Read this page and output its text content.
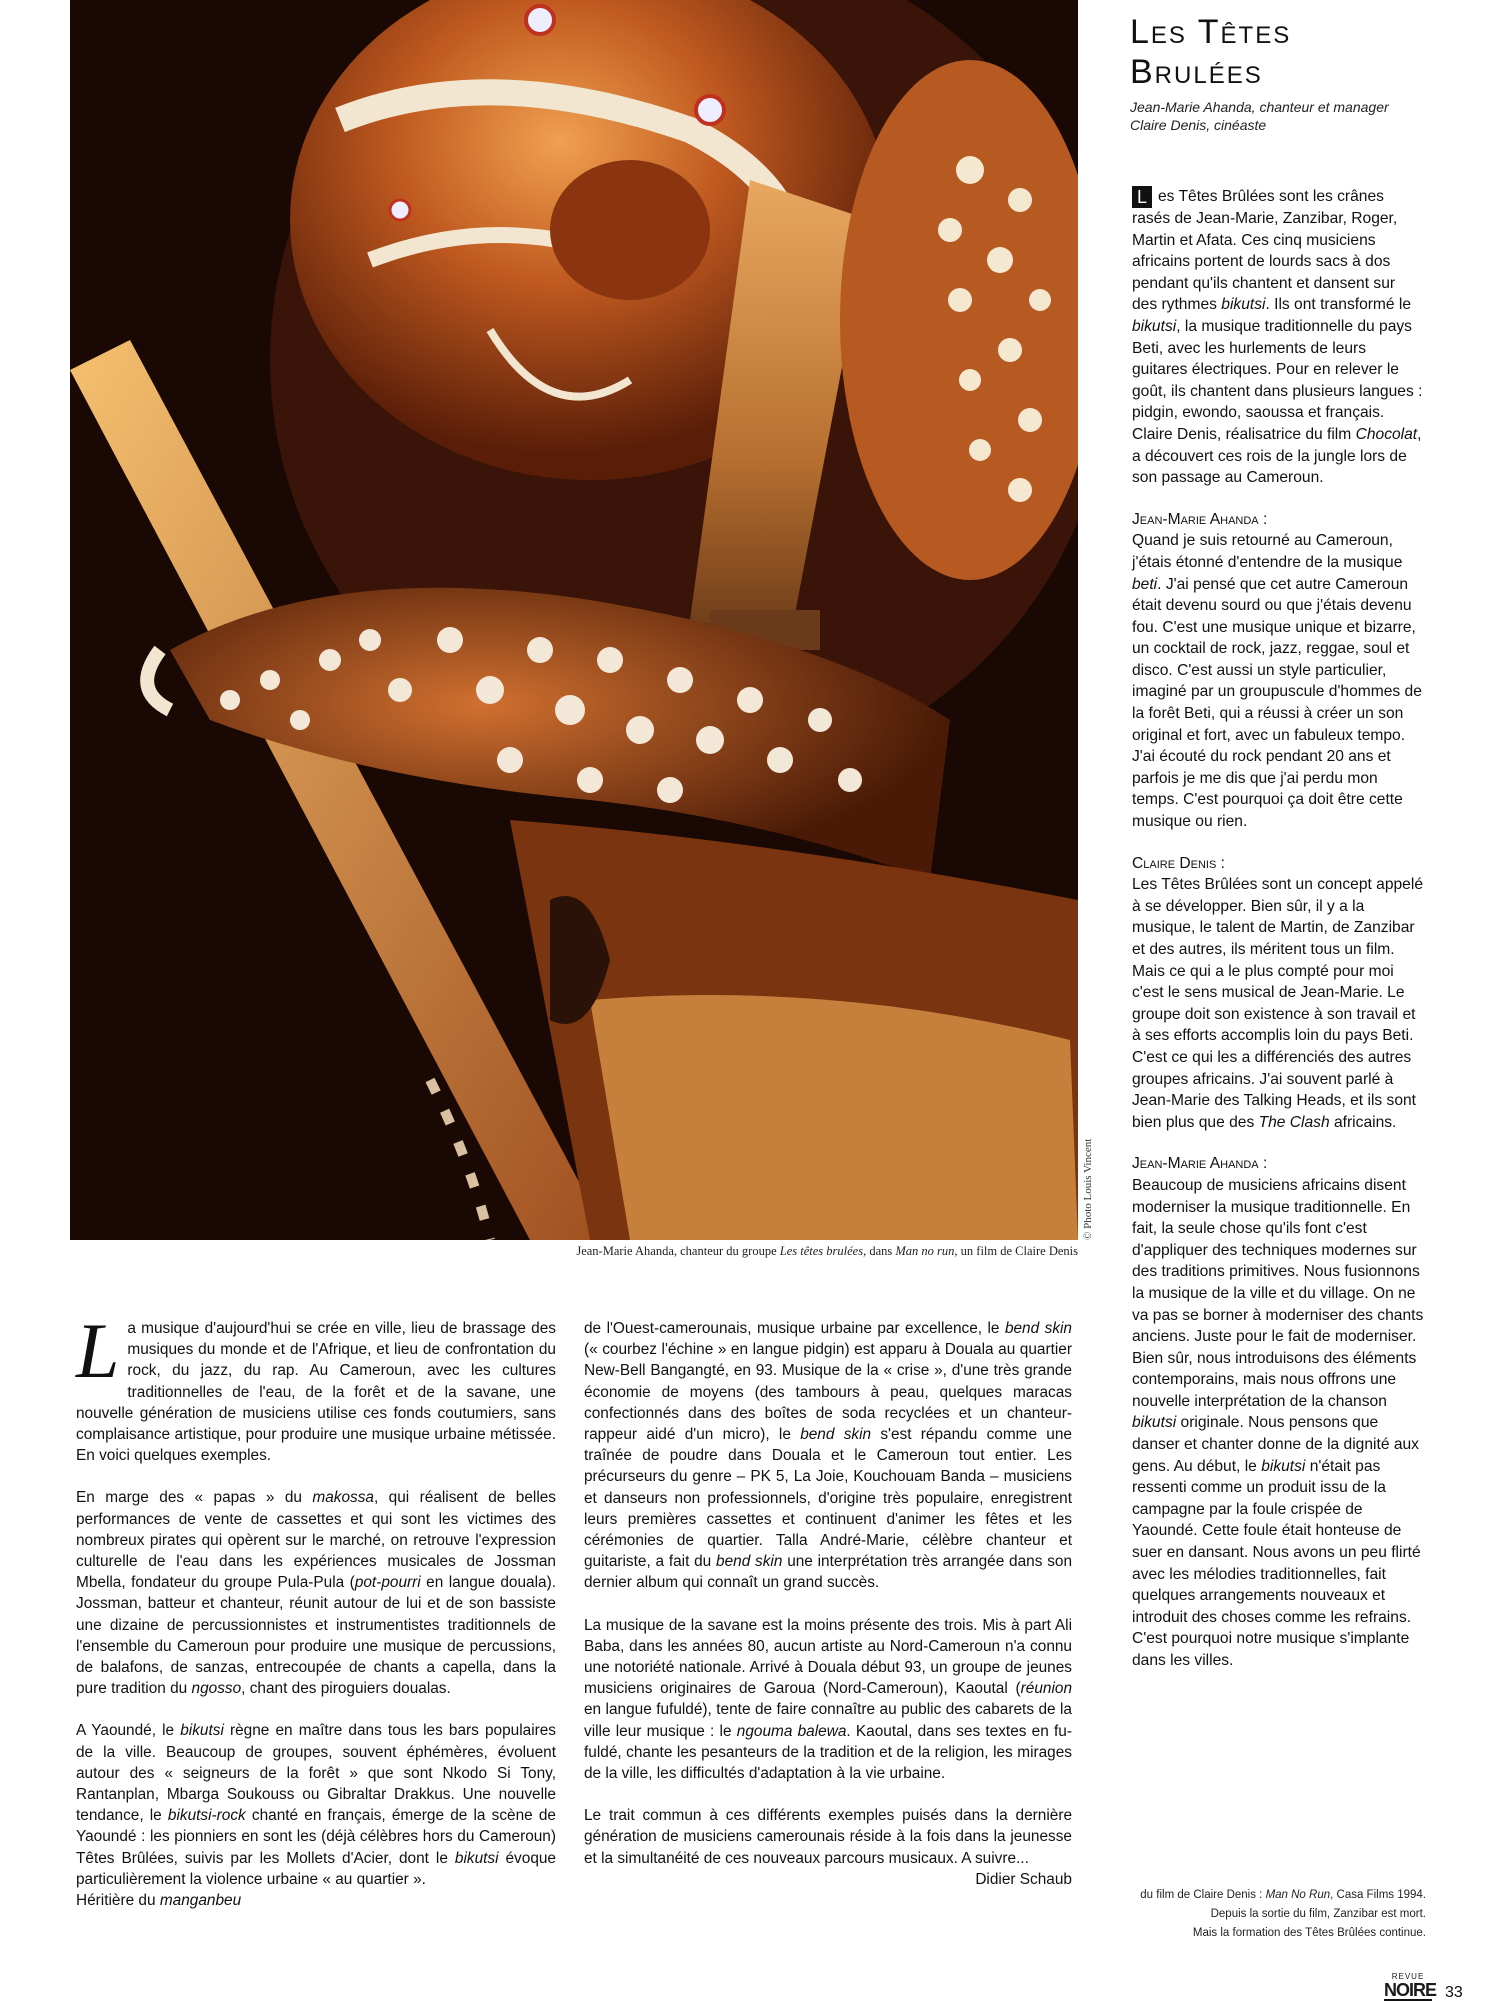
© Photo Louis Vincent
Jean-Marie Ahanda, chanteur du groupe Les têtes brulées, dans Man no run, un film de Claire Denis
Les Têtes Brulées
Jean-Marie Ahanda, chanteur et manager
Claire Denis, cinéaste

L es Têtes Brûlées sont les crânes rasés de Jean-Marie, Zanzibar, Roger, Martin et Afata. Ces cinq musiciens africains portent de lourds sacs à dos pendant qu'ils chantent et dansent sur des rythmes bikutsi. Ils ont transformé le bikutsi, la musique traditionnelle du pays Beti, avec les hurlements de leurs guitares électriques. Pour en relever le goût, ils chantent dans plusieurs langues : pidgin, ewondo, saoussa et français. Claire Denis, réalisatrice du film Chocolat, a découvert ces rois de la jungle lors de son passage au Cameroun.

Jean-Marie Ahanda :
Quand je suis retourné au Cameroun, j'étais étonné d'entendre de la musique beti. J'ai pensé que cet autre Cameroun était devenu sourd ou que j'étais devenu fou. C'est une musique unique et bizarre, un cocktail de rock, jazz, reggae, soul et disco. C'est aussi un style particulier, imaginé par un groupuscule d'hommes de la forêt Beti, qui a réussi à créer un son original et fort, avec un fabuleux tempo. J'ai écouté du rock pendant 20 ans et parfois je me dis que j'ai perdu mon temps. C'est pourquoi ça doit être cette musique ou rien.

Claire Denis :
Les Têtes Brûlées sont un concept appelé à se développer. Bien sûr, il y a la musique, le talent de Martin, de Zanzibar et des autres, ils méritent tous un film. Mais ce qui a le plus compté pour moi c'est le sens musical de Jean-Marie. Le groupe doit son existence à son travail et à ses efforts accomplis loin du pays Beti. C'est ce qui les a différenciés des autres groupes africains. J'ai souvent parlé à Jean-Marie des Talking Heads, et ils sont bien plus que des The Clash africains.

Jean-Marie Ahanda :
Beaucoup de musiciens africains disent moderniser la musique traditionnelle. En fait, la seule chose qu'ils font c'est d'appliquer des techniques modernes sur des traditions primitives. Nous fusionnons la musique de la ville et du village. On ne va pas se borner à moderniser des chants anciens. Juste pour le fait de moderniser. Bien sûr, nous introduisons des éléments contemporains, mais nous offrons une nouvelle interprétation de la chanson bikutsi originale. Nous pensons que danser et chanter donne de la dignité aux gens. Au début, le bikutsi n'était pas ressenti comme un produit issu de la campagne par la foule crispée de Yaoundé. Cette foule était honteuse de suer en dansant. Nous avons un peu flirté avec les mélodies traditionnelles, fait quelques arrangements nouveaux et introduit des choses comme les refrains. C'est pourquoi notre musique s'implante dans les villes.

du film de Claire Denis : Man No Run, Casa Films 1994.
Depuis la sortie du film, Zanzibar est mort.
Mais la formation des Têtes Brûlées continue.

La musique d'aujourd'hui se crée en ville, lieu de brassage des musiques du monde et de l'Afrique, et lieu de confrontation du rock, du jazz, du rap. Au Cameroun, avec les cultures traditionnelles de l'eau, de la forêt et de la savane, une nouvelle génération de musiciens utilise ces fonds coutumiers, sans complaisance artistique, pour produire une musique urbaine métissée. En voici quelques exemples.

En marge des « papas » du makossa, qui réalisent de belles performances de vente de cassettes et qui sont les victimes des nombreux pirates qui opèrent sur le marché, on retrouve l'expression culturelle de l'eau dans les expériences musicales de Jossman Mbella, fondateur du groupe Pula-Pula (pot-pourri en langue douala). Jossman, batteur et chanteur, réunit autour de lui et de son bassiste une dizaine de percussionnistes et instrumentistes traditionnels de l'ensemble du Cameroun pour produire une musique de percussions, de balafons, de sanzas, entrecoupée de chants a capella, dans la pure tradition du ngosso, chant des piroguiers doualas.

A Yaoundé, le bikutsi règne en maître dans tous les bars populaires de la ville. Beaucoup de groupes, souvent éphémères, évoluent autour des « seigneurs de la forêt » que sont Nkodo Si Tony, Rantanplan, Mbarga Soukouss ou Gibraltar Drakkus. Une nouvelle tendance, le bikutsi-rock chanté en français, émerge de la scène de Yaoundé : les pionniers en sont les (déjà célèbres hors du Cameroun) Têtes Brûlées, suivis par les Mollets d'Acier, dont le bikutsi évoque particulièrement la violence urbaine « au quartier ».

Héritière du manganbeu

de l'Ouest-camerounais, musique urbaine par excellence, le bend skin (« courbez l'échine » en langue pidgin) est apparu à Douala au quartier New-Bell Bangangté, en 93. Musique de la « crise », d'une très grande économie de moyens (des tambours à peau, quelques maracas confectionnés dans des boîtes de soda recyclées et un chanteur-rappeur aidé d'un micro), le bend skin s'est répandu comme une traînée de poudre dans Douala et le Cameroun tout entier. Les précurseurs du genre – PK 5, La Joie, Kouchouam Banda – musiciens et danseurs non professionnels, d'origine très populaire, enregistrent leurs premières cassettes et continuent d'animer les fêtes et les cérémonies de quartier. Talla André-Marie, célèbre chanteur et guitariste, a fait du bend skin une interprétation très arrangée dans son dernier album qui connaît un grand succès.

La musique de la savane est la moins présente des trois. Mis à part Ali Baba, dans les années 80, aucun artiste au Nord-Cameroun n'a connu une notoriété nationale. Arrivé à Douala début 93, un groupe de jeunes musiciens originaires de Garoua (Nord-Cameroun), Kaoutal (réunion en langue fufuldé), tente de faire connaître au public des cabarets de la ville leur musique : le ngouma balewa. Kaoutal, dans ses textes en fu-fuldé, chante les pesanteurs de la tradition et de la religion, les mirages de la ville, les difficultés d'adaptation à la vie urbaine.

Le trait commun à ces différents exemples puisés dans la dernière génération de musiciens camerounais réside à la fois dans la jeunesse et la simultanéité de ces nouveaux parcours musicaux. A suivre...

Didier Schaub
REVUE
NOIRE 33
